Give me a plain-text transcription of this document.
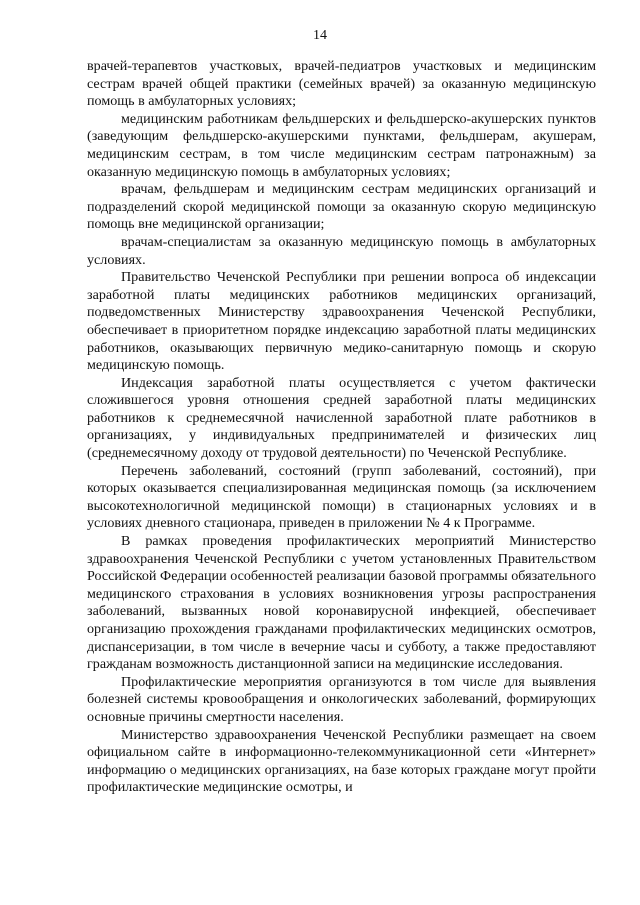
14

врачей-терапевтов участковых, врачей-педиатров участковых и медицинским сестрам врачей общей практики (семейных врачей) за оказанную медицинскую помощь в амбулаторных условиях;

медицинским работникам фельдшерских и фельдшерско-акушерских пунктов (заведующим фельдшерско-акушерскими пунктами, фельдшерам, акушерам, медицинским сестрам, в том числе медицинским сестрам патронажным) за оказанную медицинскую помощь в амбулаторных условиях;

врачам, фельдшерам и медицинским сестрам медицинских организаций и подразделений скорой медицинской помощи за оказанную скорую медицинскую помощь вне медицинской организации;

врачам-специалистам за оказанную медицинскую помощь в амбулаторных условиях.

Правительство Чеченской Республики при решении вопроса об индексации заработной платы медицинских работников медицинских организаций, подведомственных Министерству здравоохранения Чеченской Республики, обеспечивает в приоритетном порядке индексацию заработной платы медицинских работников, оказывающих первичную медико-санитарную помощь и скорую медицинскую помощь.

Индексация заработной платы осуществляется с учетом фактически сложившегося уровня отношения средней заработной платы медицинских работников к среднемесячной начисленной заработной плате работников в организациях, у индивидуальных предпринимателей и физических лиц (среднемесячному доходу от трудовой деятельности) по Чеченской Республике.

Перечень заболеваний, состояний (групп заболеваний, состояний), при которых оказывается специализированная медицинская помощь (за исключением высокотехнологичной медицинской помощи) в стационарных условиях и в условиях дневного стационара, приведен в приложении № 4 к Программе.

В рамках проведения профилактических мероприятий Министерство здравоохранения Чеченской Республики с учетом установленных Правительством Российской Федерации особенностей реализации базовой программы обязательного медицинского страхования в условиях возникновения угрозы распространения заболеваний, вызванных новой коронавирусной инфекцией, обеспечивает организацию прохождения гражданами профилактических медицинских осмотров, диспансеризации, в том числе в вечерние часы и субботу, а также предоставляют гражданам возможность дистанционной записи на медицинские исследования.

Профилактические мероприятия организуются в том числе для выявления болезней системы кровообращения и онкологических заболеваний, формирующих основные причины смертности населения.

Министерство здравоохранения Чеченской Республики размещает на своем официальном сайте в информационно-телекоммуникационной сети «Интернет» информацию о медицинских организациях, на базе которых граждане могут пройти профилактические медицинские осмотры, и
